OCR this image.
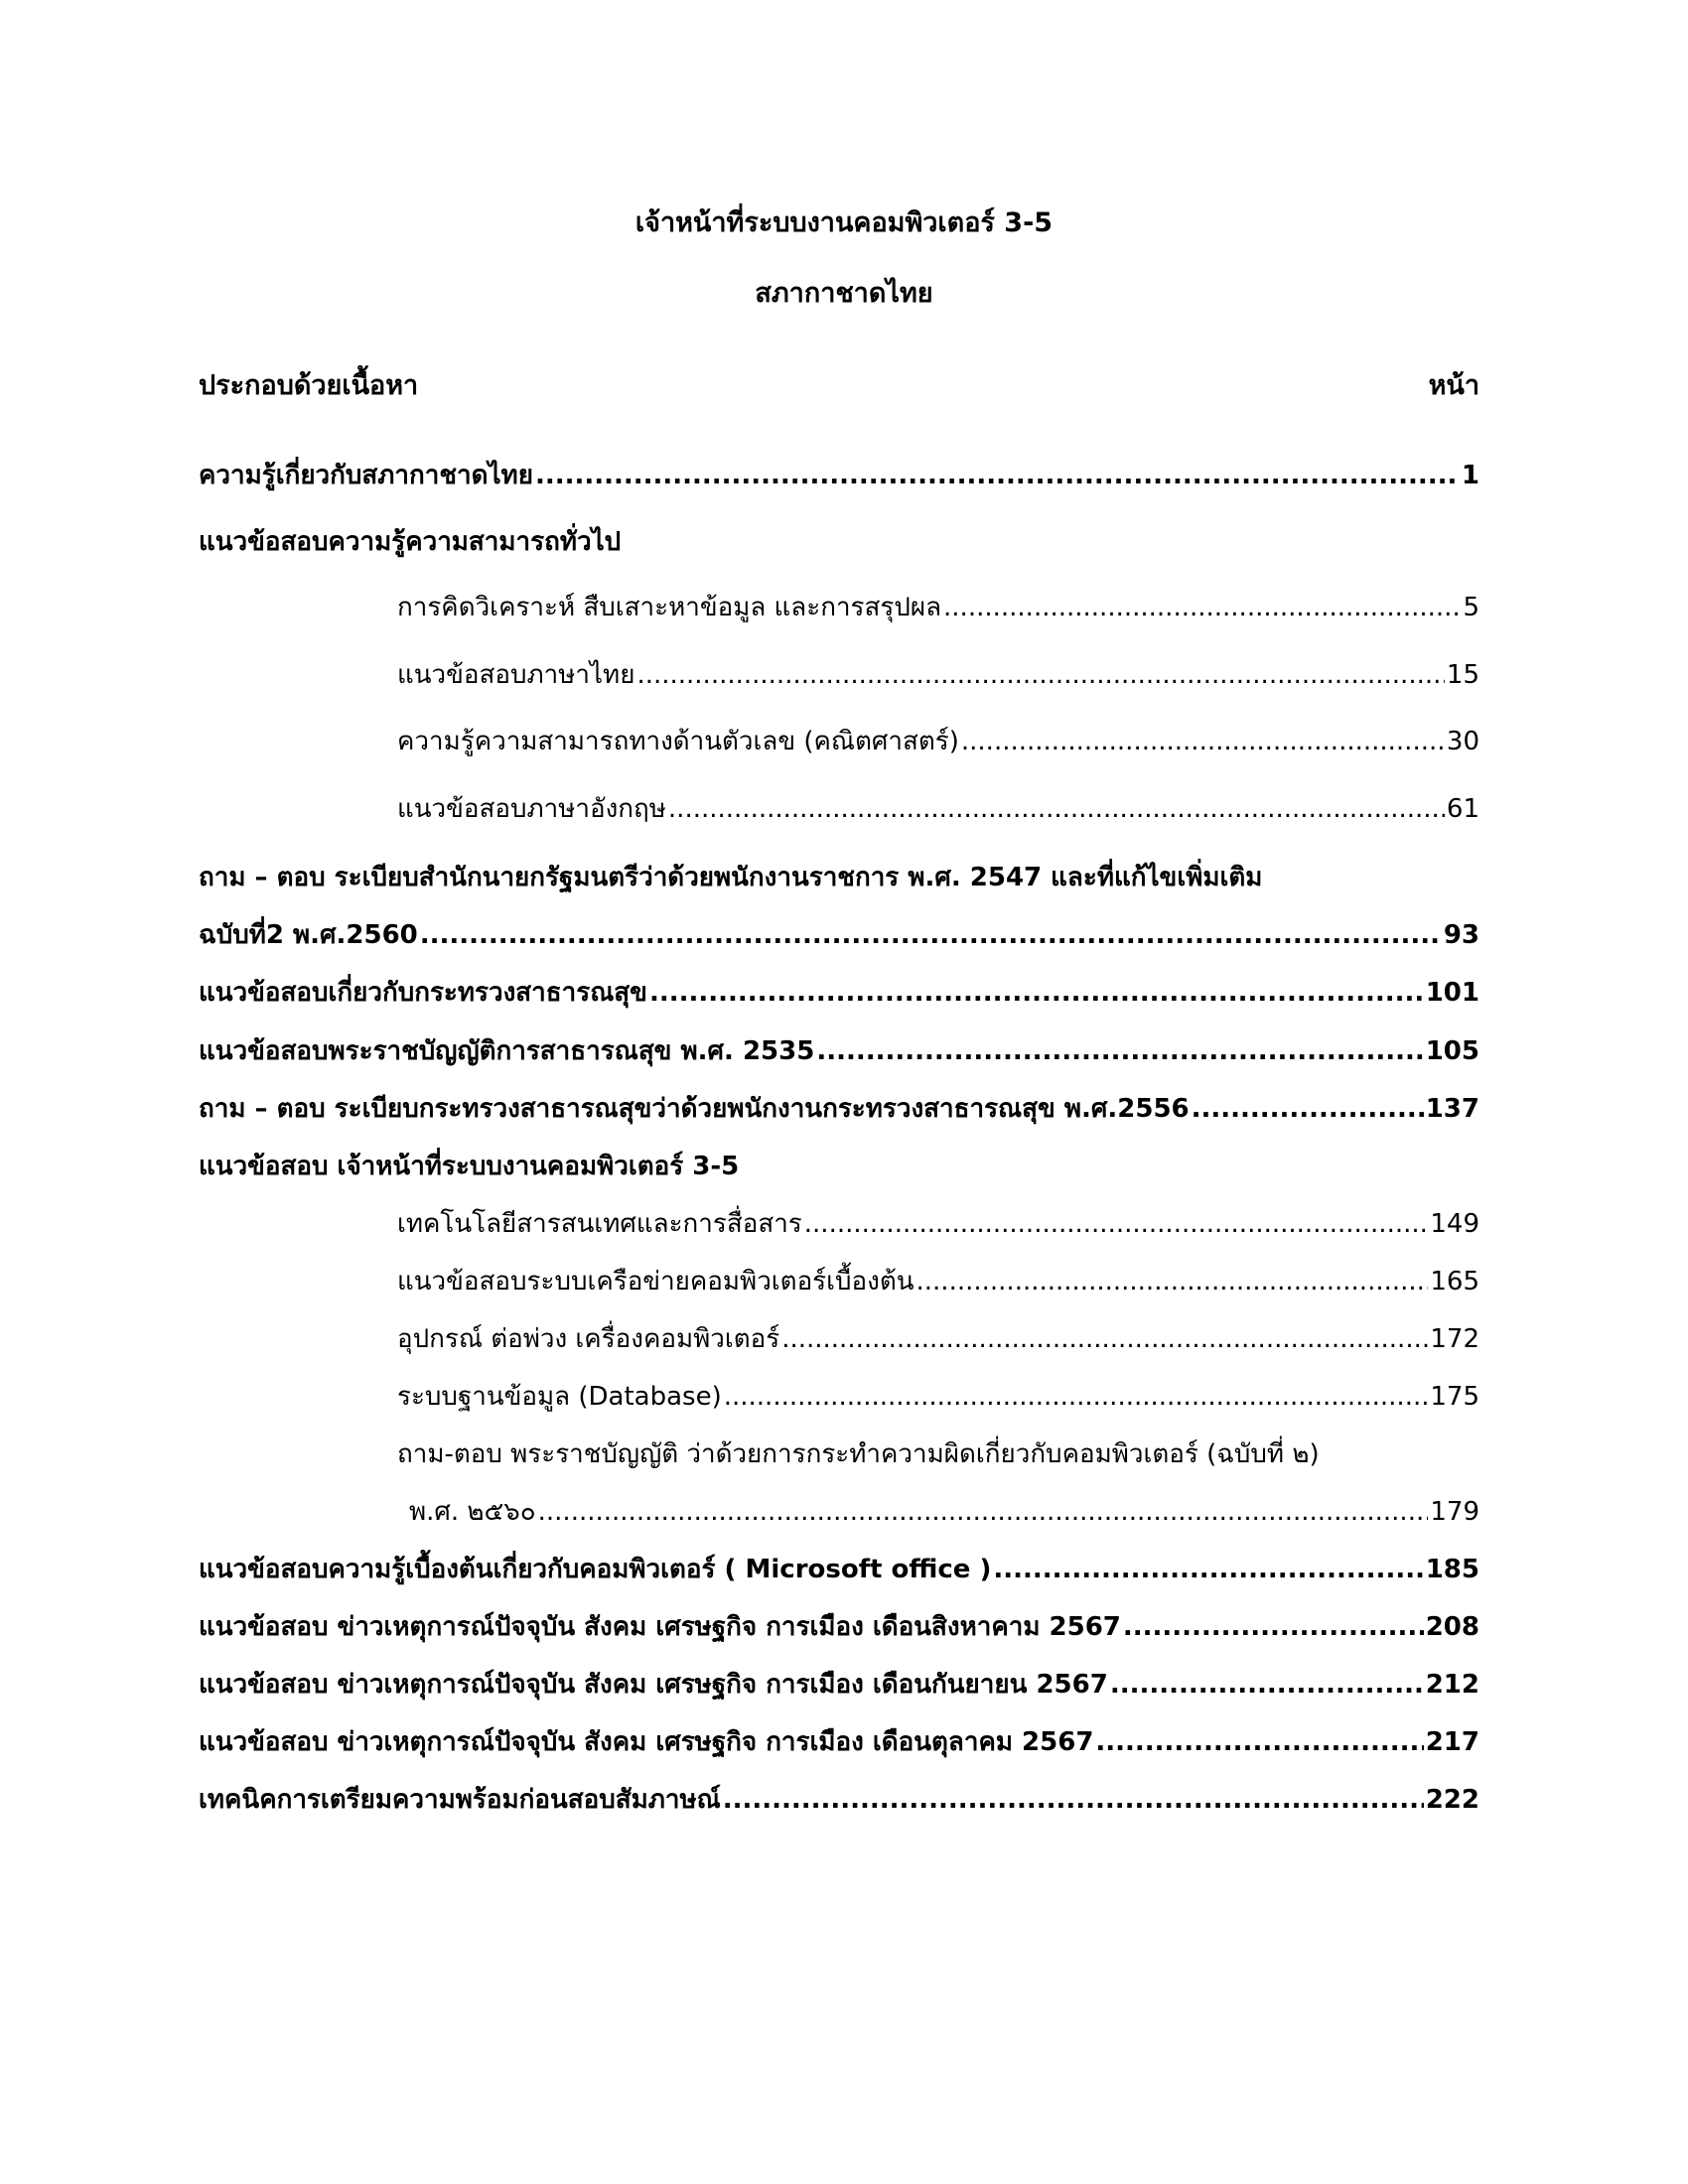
เจ้าหน้าที่ระบบงานคอมพิวเตอร์ 3-5
สภากาชาดไทย
ประกอบด้วยเนื้อหา	หน้า
ความรู้เกี่ยวกับสภากาชาดไทย .....	1
แนวข้อสอบความรู้ความสามารถทั่วไป
การคิดวิเคราะห์ สืบเสาะหาข้อมูล และการสรุปผล .....	5
แนวข้อสอบภาษาไทย .....	15
ความรู้ความสามารถทางด้านตัวเลข (คณิตศาสตร์) .....	30
แนวข้อสอบภาษาอังกฤษ .....	61
ถาม – ตอบ ระเบียบสำนักนายกรัฐมนตรีว่าด้วยพนักงานราชการ พ.ศ. 2547 และที่แก้ไขเพิ่มเติม
ฉบับที่2 พ.ศ.2560 .....	93
แนวข้อสอบเกี่ยวกับกระทรวงสาธารณสุข .....	101
แนวข้อสอบพระราชบัญญัติการสาธารณสุข พ.ศ. 2535 .....	105
ถาม – ตอบ ระเบียบกระทรวงสาธารณสุขว่าด้วยพนักงานกระทรวงสาธารณสุข พ.ศ.2556 .....	137
แนวข้อสอบ เจ้าหน้าที่ระบบงานคอมพิวเตอร์ 3-5
เทคโนโลยีสารสนเทศและการสื่อสาร .....	149
แนวข้อสอบระบบเครือข่ายคอมพิวเตอร์เบื้องต้น .....	165
อุปกรณ์ ต่อพ่วง เครื่องคอมพิวเตอร์ .....	172
ระบบฐานข้อมูล (Database) .....	175
ถาม-ตอบ พระราชบัญญัติ ว่าด้วยการกระทำความผิดเกี่ยวกับคอมพิวเตอร์ (ฉบับที่ ๒)
พ.ศ. ๒๕๖๐ .....	179
แนวข้อสอบความรู้เบื้องต้นเกี่ยวกับคอมพิวเตอร์ ( Microsoft office ) .....	185
แนวข้อสอบ ข่าวเหตุการณ์ปัจจุบัน สังคม เศรษฐกิจ การเมือง เดือนสิงหาคาม 2567 .....	208
แนวข้อสอบ ข่าวเหตุการณ์ปัจจุบัน สังคม เศรษฐกิจ การเมือง เดือนกันยายน 2567 .....	212
แนวข้อสอบ ข่าวเหตุการณ์ปัจจุบัน สังคม เศรษฐกิจ การเมือง เดือนตุลาคม 2567 .....	217
เทคนิคการเตรียมความพร้อมก่อนสอบสัมภาษณ์ .....	222
